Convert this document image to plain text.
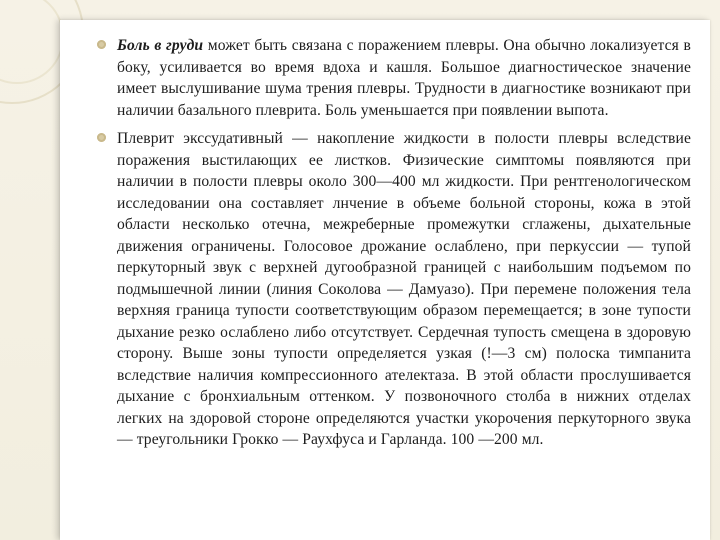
Боль в груди может быть связана с поражением плевры. Она обычно локализуется в боку, усиливается во время вдоха и кашля. Большое диагностическое значение имеет выслушивание шума трения плевры. Трудности в диагностике возникают при наличии базального плеврита. Боль уменьшается при появлении выпота.

Плеврит экссудативный — накопление жидкости в полости плевры вследствие поражения выстилающих ее листков. Физические симптомы появляются при наличии в полости плевры около 300—400 мл жидкости. При рентгенологическом исследовании она составляет лнчение в объеме больной стороны, кожа в этой области несколько отечна, межреберные промежутки сглажены, дыхательные движения ограничены. Голосовое дрожание ослаблено, при перкуссии — тупой перкуторный звук с верхней дугообразной границей с наибольшим подъемом по подмышечной линии (линия Соколова — Дамуазо). При перемене положения тела верхняя граница тупости соответствующим образом перемещается; в зоне тупости дыхание резко ослаблено либо отсутствует. Сердечная тупость смещена в здоровую сторону. Выше зоны тупости определяется узкая (!—3 см) полоска тимпанита вследствие наличия компрессионного ателектаза. В этой области прослушивается дыхание с бронхиальным оттенком. У позвоночного столба в нижних отделах легких на здоровой стороне определяются участки укорочения перкуторного звука — треугольники Грокко — Раухфуса и Гарланда. 100 —200 мл.
